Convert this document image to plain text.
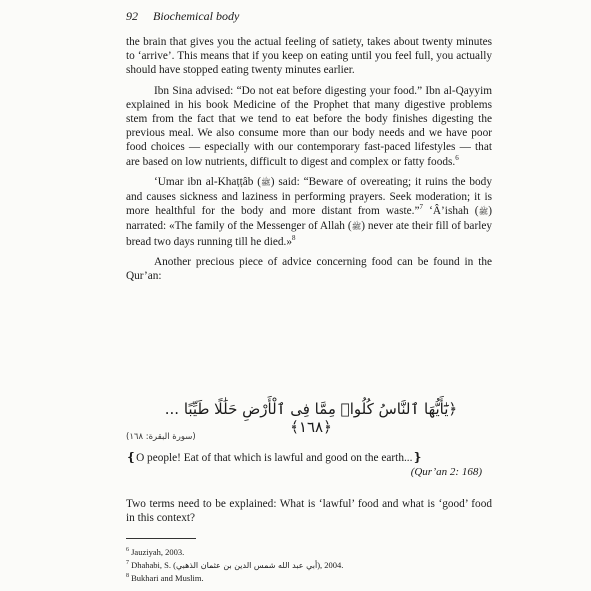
92 Biochemical body

the brain that gives you the actual feeling of satiety, takes about twenty minutes to ‘arrive’. This means that if you keep on eating until you feel full, you actually should have stopped eating twenty minutes earlier.

Ibn Sina advised: “Do not eat before digesting your food.” Ibn al-Qayyim explained in his book Medicine of the Prophet that many digestive problems stem from the fact that we tend to eat before the body finishes digesting the previous meal. We also consume more than our body needs and we have poor food choices — especially with our contemporary fast-paced lifestyles — that are based on low nutrients, difficult to digest and complex or fatty foods.$^6$

‘Umar ibn al-Khaṭṭâb (ﷺ) said: “Beware of overeating; it ruins the body and causes sickness and laziness in performing prayers. Seek moderation; it is more healthful for the body and more distant from waste.”$^7$ ‘Â’ishah (ﷺ) narrated: «The family of the Messenger of Allah (ﷺ) never ate their fill of barley bread two days running till he died.»$^8$

Another precious piece of advice concerning food can be found in the Qur’an:

﴿يَٰٓأَيُّهَا ٱلنَّاسُ كُلُوا۟ مِمَّا فِى ٱلْأَرْضِ حَلَٰلًا طَيِّبًا ... ﴿١٦٨﴾
(سورة البقرة: ١٦٨)
❴O people! Eat of that which is lawful and good on the earth...❵
(Qur’an 2: 168)
Two terms need to be explained: What is ‘lawful’ food and what is ‘good’ food in this context?
$^6$ Jauziyah, 2003.
$^7$ Dhahabi, S. (أبي عبد الله شمس الدين بن عثمان الذهبي), 2004.
$^8$ Bukhari and Muslim.
